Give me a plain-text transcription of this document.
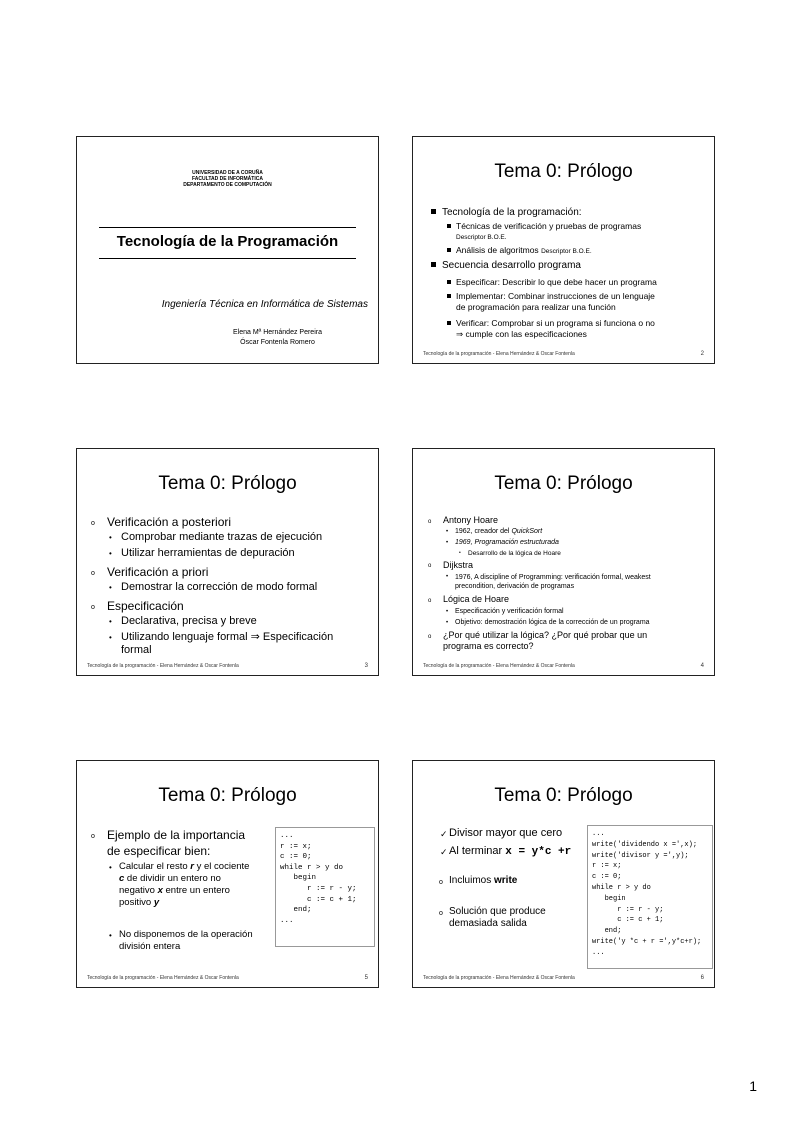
UNIVERSIDAD DE A CORUÑA
FACULTAD DE INFORMÁTICA
DEPARTAMENTO DE COMPUTACIÓN
Tecnología de la Programación
Ingeniería Técnica en Informática de Sistemas
Elena Mª Hernández Pereira
Óscar Fontenla Romero
Tema 0: Prólogo
Tecnología de la programación:
Técnicas de verificación y pruebas de programas
Descriptor B.O.E.
Análisis de algoritmos Descriptor B.O.E.
Secuencia desarrollo programa
Especificar: Describir lo que debe hacer un programa
Implementar: Combinar instrucciones de un lenguaje
de programación para realizar una función
Verificar: Comprobar si un programa si funciona o no
⇒ cumple con las especificaciones
Tecnología de la programación - Elena Hernández & Oscar Fontenla	2
Tema 0: Prólogo
o Verificación a posteriori
• Comprobar mediante trazas de ejecución
• Utilizar herramientas de depuración
o Verificación a priori
• Demostrar la corrección de modo formal
o Especificación
• Declarativa, precisa y breve
• Utilizando lenguaje formal ⇒ Especificación
formal
Tecnología de la programación - Elena Hernández & Oscar Fontenla	3
Tema 0: Prólogo
o Antony Hoare
• 1962, creador del QuickSort
• 1969, Programación estructurada
• Desarrollo de la lógica de Hoare
o Dijkstra
• 1976, A discipline of Programming: verificación formal, weakest
precondition, derivación de programas
o Lógica de Hoare
• Especificación y verificación formal
• Objetivo: demostración lógica de la corrección de un programa
o ¿Por qué utilizar la lógica? ¿Por qué probar que un
programa es correcto?
Tecnología de la programación - Elena Hernández & Oscar Fontenla	4
Tema 0: Prólogo
o Ejemplo de la importancia
de especificar bien:
• Calcular el resto r y el cociente
c de dividir un entero no
negativo x entre un entero
positivo y
• No disponemos de la operación
división entera
...
r := x;
c := 0;
while r > y do
begin
r := r - y;
c := c + 1;
end;
...
Tecnología de la programación - Elena Hernández & Oscar Fontenla	5
Tema 0: Prólogo
✓ Divisor mayor que cero
✓ Al terminar x = y*c +r
o Incluimos write
o Solución que produce
demasiada salida
...
write('dividendo x =',x);
write('divisor y =',y);
r := x;
c := 0;
while r > y do
begin
r := r - y;
c := c + 1;
end;
write('y *c + r =',y*c+r);
...
Tecnología de la programación - Elena Hernández & Oscar Fontenla	6
1
